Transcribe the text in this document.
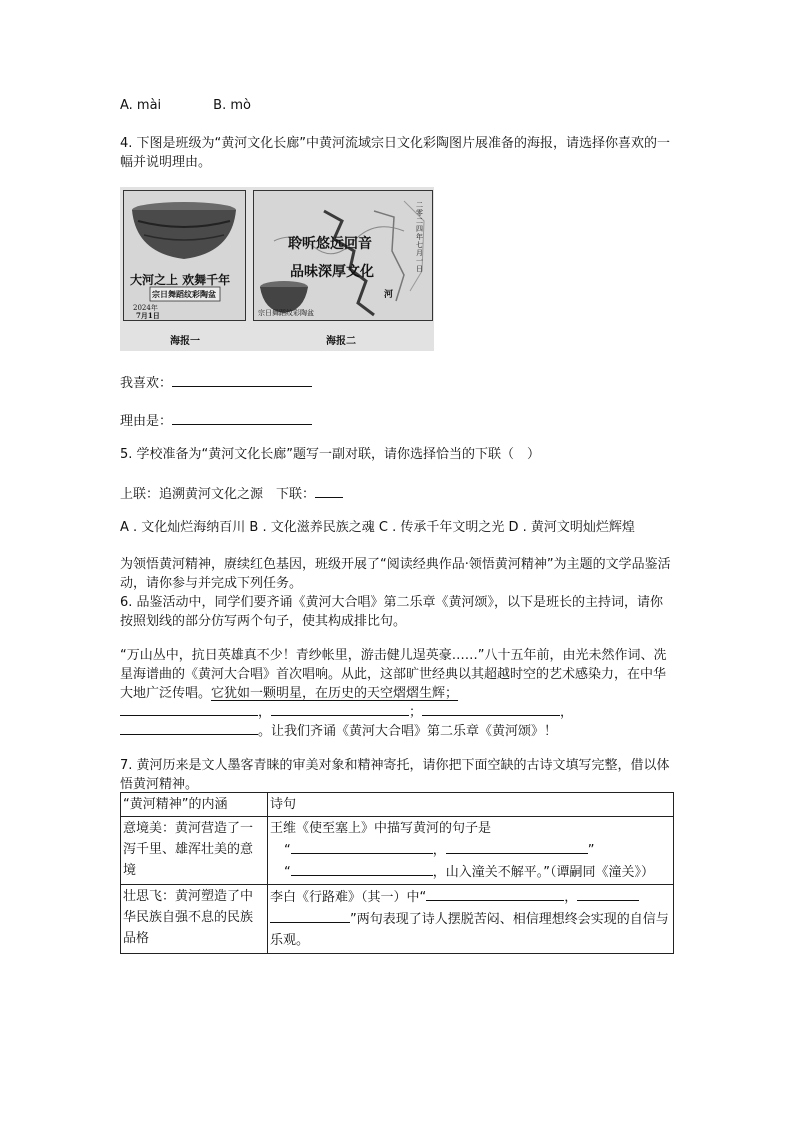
A. mài	B. mò
4. 下图是班级为“黄河文化长廊”中黄河流域宗日文化彩陶图片展准备的海报，请选择你喜欢的一幅并说明理由。
大河之上 欢舞千年
宗日舞蹈纹彩陶盆
2024年
7月1日
聆听悠远回音
品味深厚文化
二零二四年七月一日
河
宗日舞蹈纹彩陶盆
海报一	海报二
我喜欢：
理由是：
5. 学校准备为“黄河文化长廊”题写一副对联，请你选择恰当的下联（　）
上联：追溯黄河文化之源　下联：
A . 文化灿烂海纳百川 B . 文化滋养民族之魂 C . 传承千年文明之光 D . 黄河文明灿烂辉煌
为领悟黄河精神，赓续红色基因，班级开展了“阅读经典作品·领悟黄河精神”为主题的文学品鉴活动，请你参与并完成下列任务。
6. 品鉴活动中，同学们要齐诵《黄河大合唱》第二乐章《黄河颂》，以下是班长的主持词，请你按照划线的部分仿写两个句子，使其构成排比句。
“万山丛中，抗日英雄真不少！青纱帐里，游击健儿逞英豪……”八十五年前，由光未然作词、冼星海谱曲的《黄河大合唱》首次唱响。从此，这部旷世经典以其超越时空的艺术感染力，在中华大地广泛传唱。它犹如一颗明星，在历史的天空熠熠生辉；
，	；	，
。让我们齐诵《黄河大合唱》第二乐章《黄河颂》！
7. 黄河历来是文人墨客青睐的审美对象和精神寄托，请你把下面空缺的古诗文填写完整，借以体悟黄河精神。
“黄河精神”的内涵	诗句
意境美：黄河营造了一泻千里、雄浑壮美的意境	王维《使至塞上》中描写黄河的句子是
“ ， ”
“ ，山入潼关不解平。”（谭嗣同《潼关》）

壮思飞：黄河塑造了中华民族自强不息的民族品格	李白《行路难》（其一）中“ ，”两句表现了诗人摆脱苦闷、相信理想终会实现的自信与乐观。
